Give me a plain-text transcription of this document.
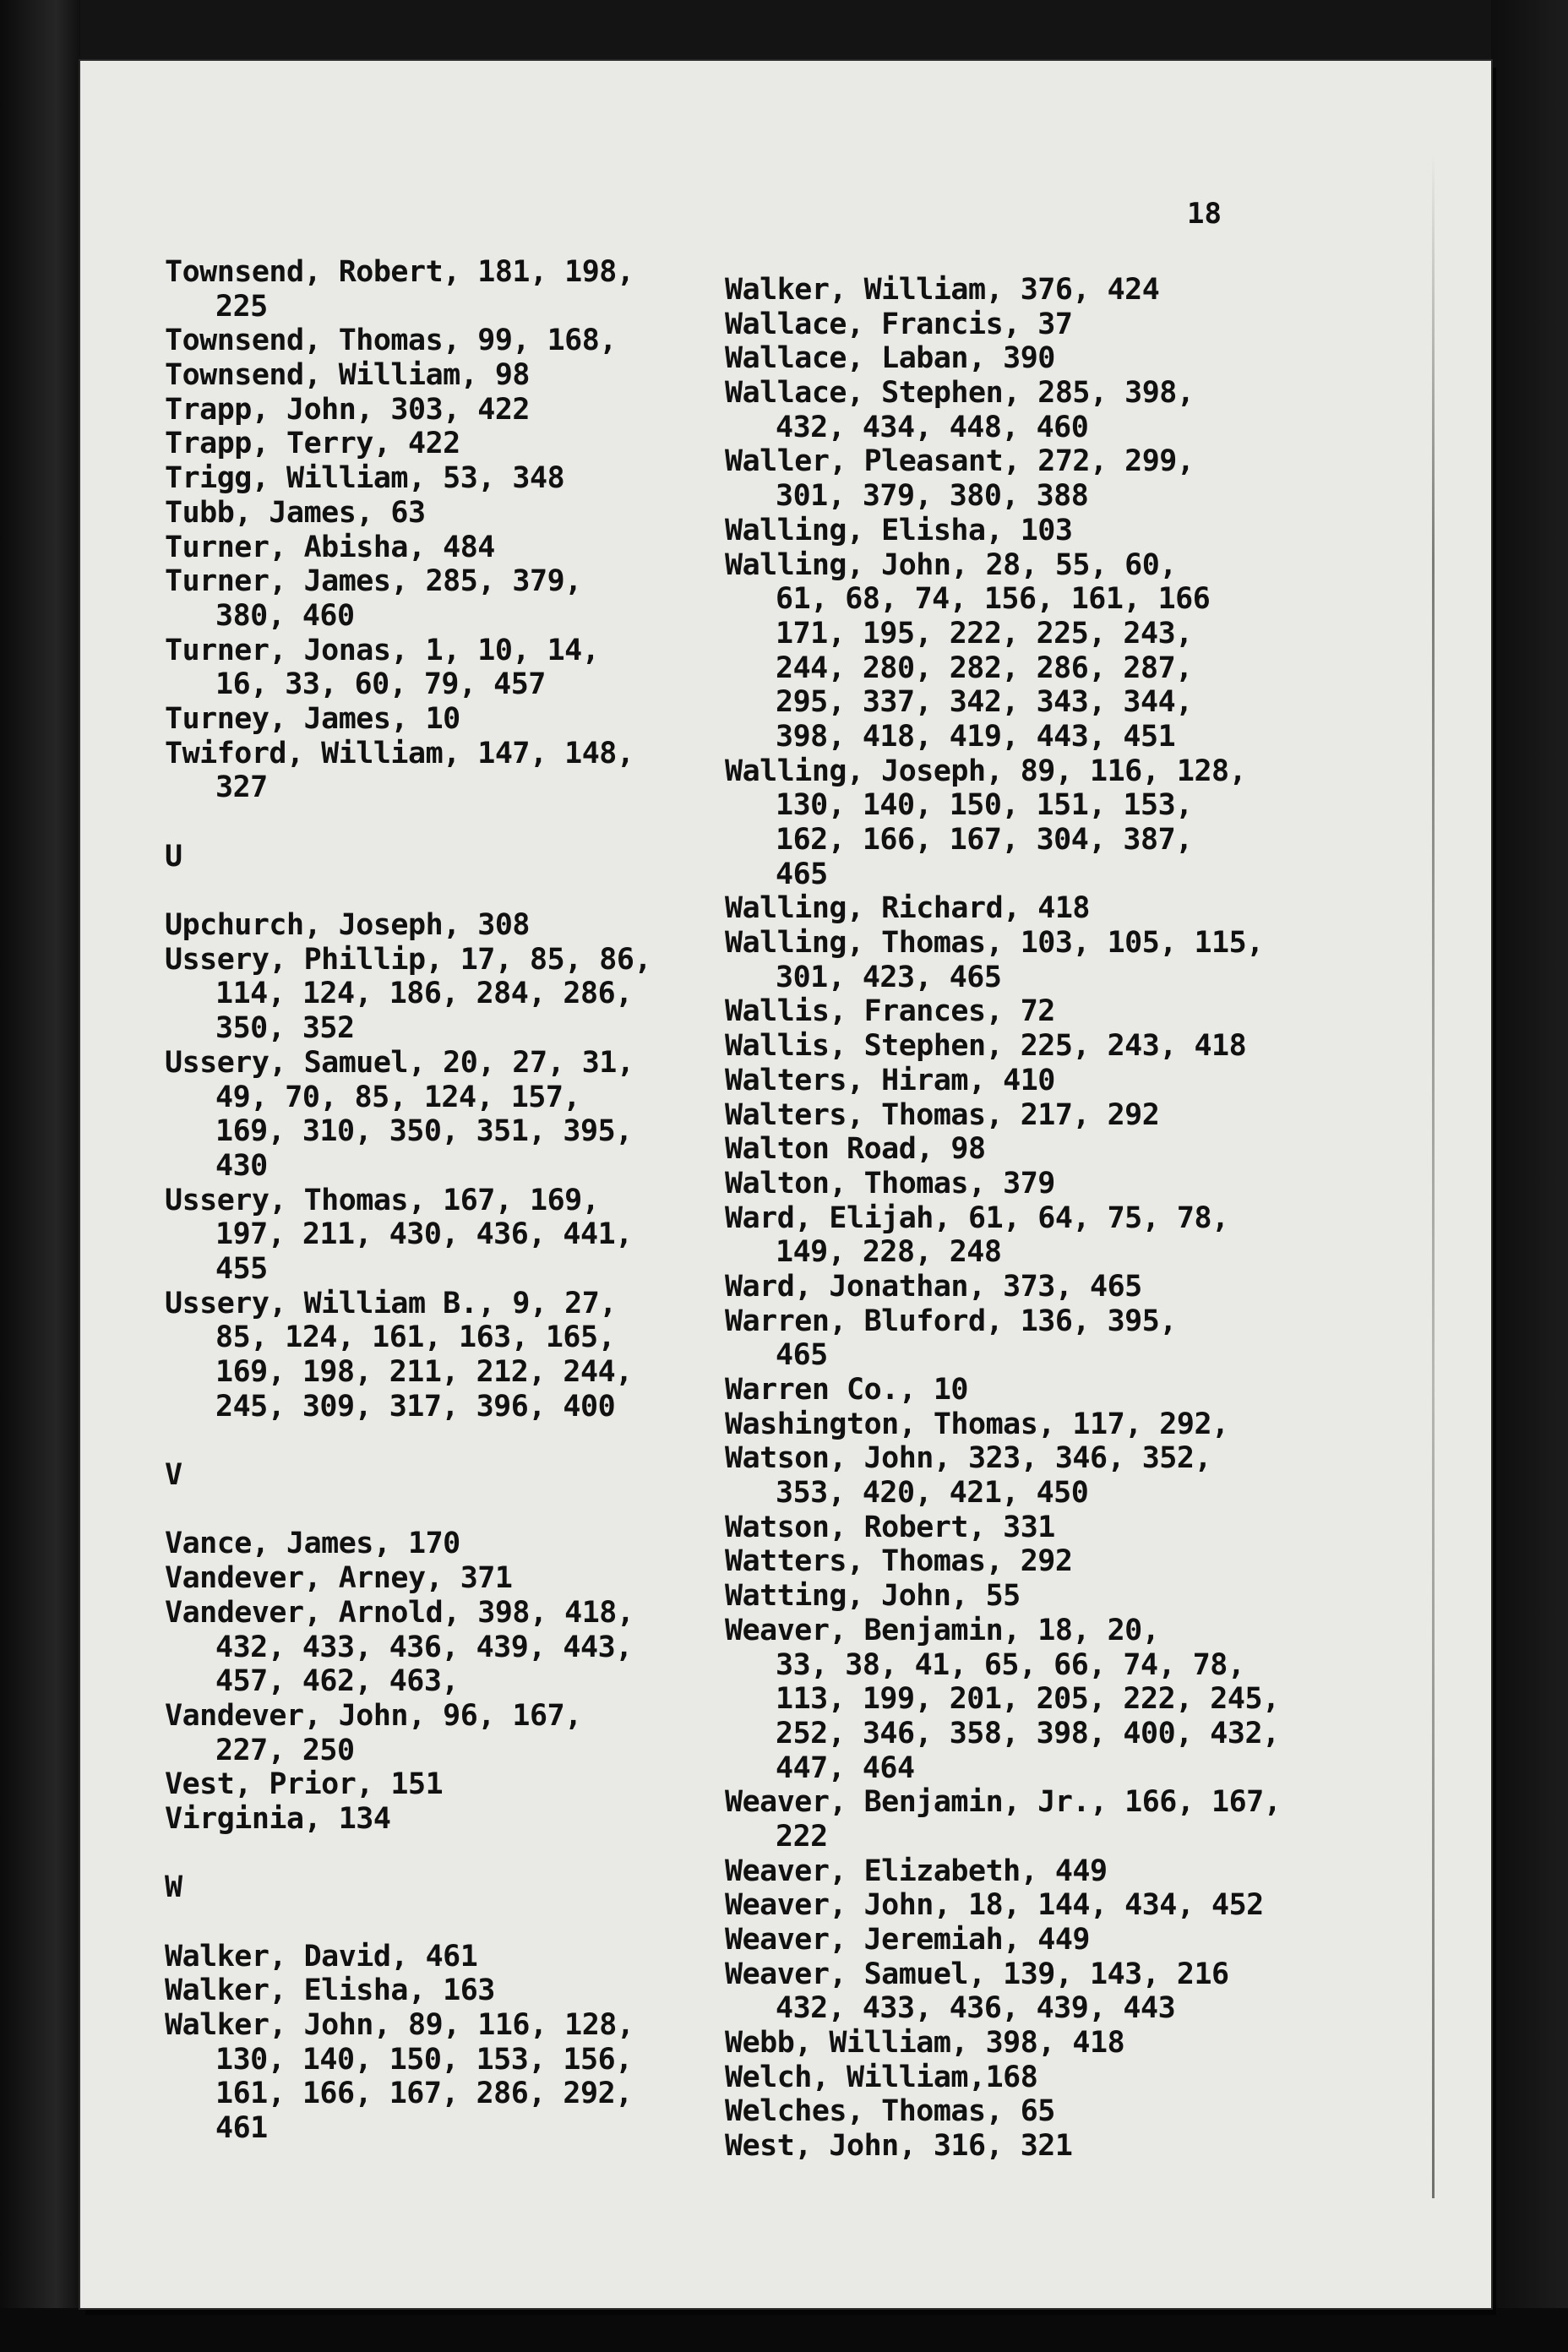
18
Townsend, Robert, 181, 198,
225
Townsend, Thomas, 99, 168,
Townsend, William, 98
Trapp, John, 303, 422
Trapp, Terry, 422
Trigg, William, 53, 348
Tubb, James, 63
Turner, Abisha, 484
Turner, James, 285, 379,
380, 460
Turner, Jonas, 1, 10, 14,
16, 33, 60, 79, 457
Turney, James, 10
Twiford, William, 147, 148,
327
U
Upchurch, Joseph, 308
Ussery, Phillip, 17, 85, 86,
114, 124, 186, 284, 286,
350, 352
Ussery, Samuel, 20, 27, 31,
49, 70, 85, 124, 157,
169, 310, 350, 351, 395,
430
Ussery, Thomas, 167, 169,
197, 211, 430, 436, 441,
455
Ussery, William B., 9, 27,
85, 124, 161, 163, 165,
169, 198, 211, 212, 244,
245, 309, 317, 396, 400
V
Vance, James, 170
Vandever, Arney, 371
Vandever, Arnold, 398, 418,
432, 433, 436, 439, 443,
457, 462, 463,
Vandever, John, 96, 167,
227, 250
Vest, Prior, 151
Virginia, 134
W
Walker, David, 461
Walker, Elisha, 163
Walker, John, 89, 116, 128,
130, 140, 150, 153, 156,
161, 166, 167, 286, 292,
461
Walker, William, 376, 424
Wallace, Francis, 37
Wallace, Laban, 390
Wallace, Stephen, 285, 398,
432, 434, 448, 460
Waller, Pleasant, 272, 299,
301, 379, 380, 388
Walling, Elisha, 103
Walling, John, 28, 55, 60,
61, 68, 74, 156, 161, 166
171, 195, 222, 225, 243,
244, 280, 282, 286, 287,
295, 337, 342, 343, 344,
398, 418, 419, 443, 451
Walling, Joseph, 89, 116, 128,
130, 140, 150, 151, 153,
162, 166, 167, 304, 387,
465
Walling, Richard, 418
Walling, Thomas, 103, 105, 115,
301, 423, 465
Wallis, Frances, 72
Wallis, Stephen, 225, 243, 418
Walters, Hiram, 410
Walters, Thomas, 217, 292
Walton Road, 98
Walton, Thomas, 379
Ward, Elijah, 61, 64, 75, 78,
149, 228, 248
Ward, Jonathan, 373, 465
Warren, Bluford, 136, 395,
465
Warren Co., 10
Washington, Thomas, 117, 292,
Watson, John, 323, 346, 352,
353, 420, 421, 450
Watson, Robert, 331
Watters, Thomas, 292
Watting, John, 55
Weaver, Benjamin, 18, 20,
33, 38, 41, 65, 66, 74, 78,
113, 199, 201, 205, 222, 245,
252, 346, 358, 398, 400, 432,
447, 464
Weaver, Benjamin, Jr., 166, 167,
222
Weaver, Elizabeth, 449
Weaver, John, 18, 144, 434, 452
Weaver, Jeremiah, 449
Weaver, Samuel, 139, 143, 216
432, 433, 436, 439, 443
Webb, William, 398, 418
Welch, William,168
Welches, Thomas, 65
West, John, 316, 321
